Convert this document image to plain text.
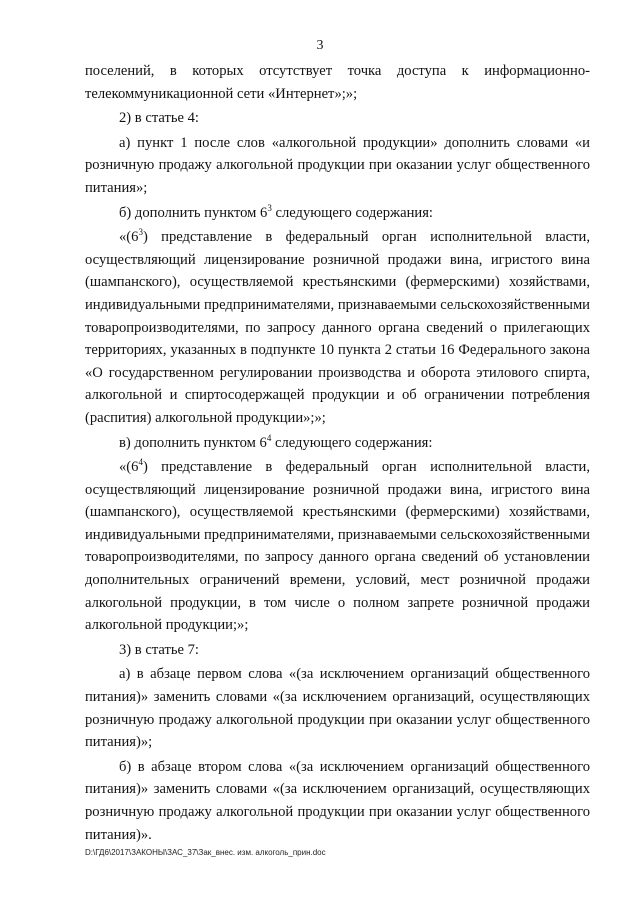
3

поселений, в которых отсутствует точка доступа к информационно-телекоммуникационной сети «Интернет»;»;

2) в статье 4:

а) пункт 1 после слов «алкогольной продукции» дополнить словами «и розничную продажу алкогольной продукции при оказании услуг общественного питания»;

б) дополнить пунктом $6^3$ следующего содержания:

«$(6^3)$ представление в федеральный орган исполнительной власти, осуществляющий лицензирование розничной продажи вина, игристого вина (шампанского), осуществляемой крестьянскими (фермерскими) хозяйствами, индивидуальными предпринимателями, признаваемыми сельскохозяйственными товаропроизводителями, по запросу данного органа сведений о прилегающих территориях, указанных в подпункте 10 пункта 2 статьи 16 Федерального закона «О государственном регулировании производства и оборота этилового спирта, алкогольной и спиртосодержащей продукции и об ограничении потребления (распития) алкогольной продукции»;»;

в) дополнить пунктом $6^4$ следующего содержания:

«$(6^4)$ представление в федеральный орган исполнительной власти, осуществляющий лицензирование розничной продажи вина, игристого вина (шампанского), осуществляемой крестьянскими (фермерскими) хозяйствами, индивидуальными предпринимателями, признаваемыми сельскохозяйственными товаропроизводителями, по запросу данного органа сведений об установлении дополнительных ограничений времени, условий, мест розничной продажи алкогольной продукции, в том числе о полном запрете розничной продажи алкогольной продукции;»;

3) в статье 7:

а) в абзаце первом слова «(за исключением организаций общественного питания)» заменить словами «(за исключением организаций, осуществляющих розничную продажу алкогольной продукции при оказании услуг общественного питания)»;

б) в абзаце втором слова «(за исключением организаций общественного питания)» заменить словами «(за исключением организаций, осуществляющих розничную продажу алкогольной продукции при оказании услуг общественного питания)».

D:\ГД6\2017\ЗАКОНЫ\ЗАС_37\Зак_внес. изм. алкоголь_прин.doc
